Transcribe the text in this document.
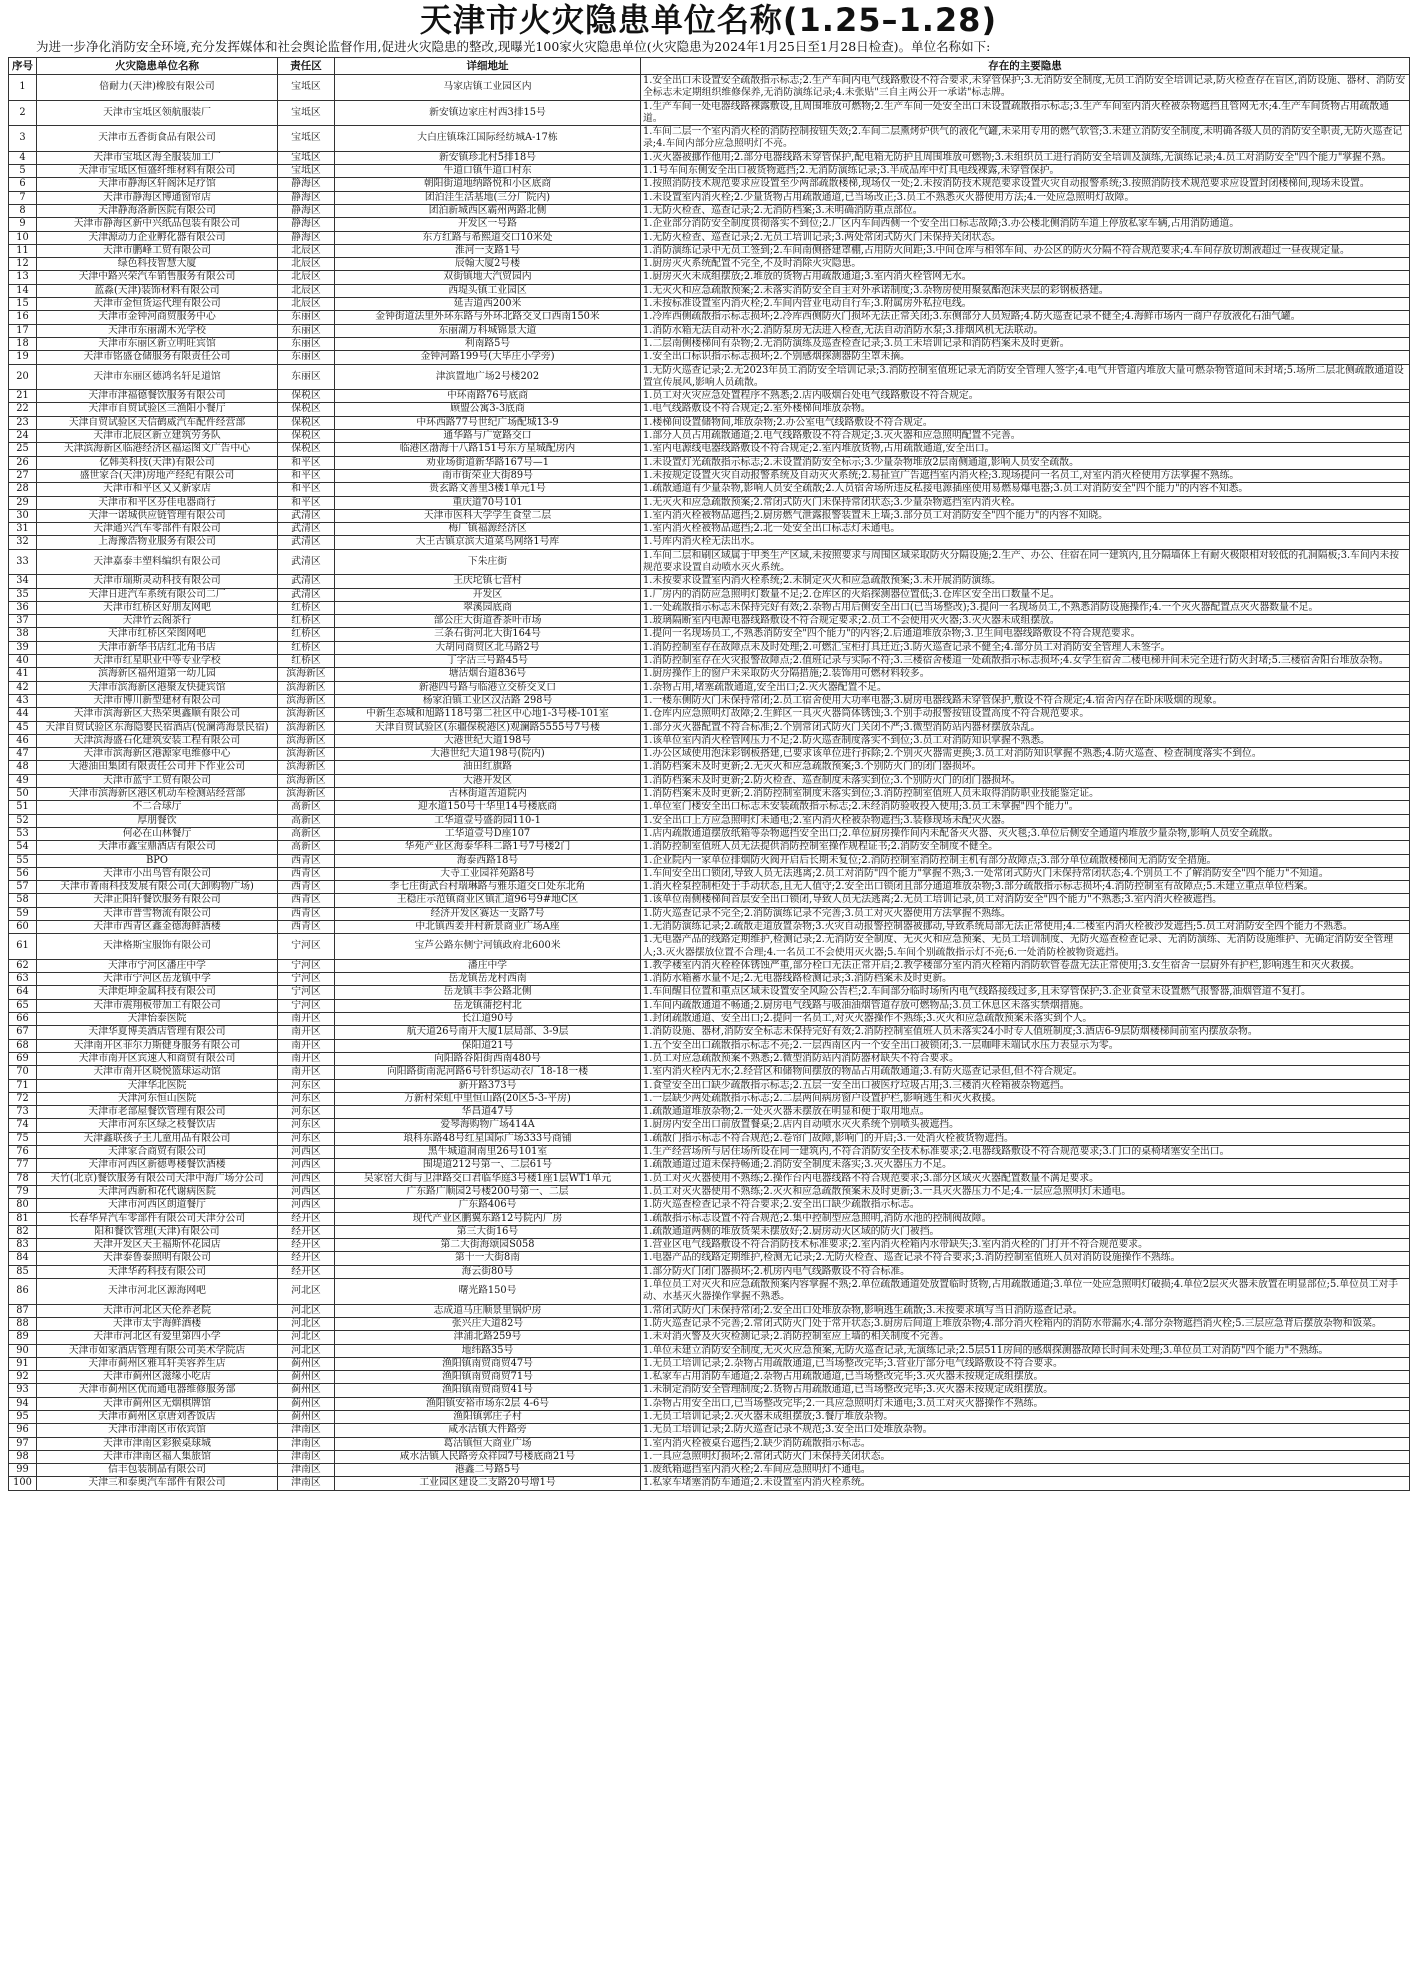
天津市火灾隐患单位名称(1.25–1.28)
为进一步净化消防安全环境,充分发挥媒体和社会舆论监督作用,促进火灾隐患的整改,现曝光100家火灾隐患单位(火灾隐患为2024年1月25日至1月28日检查)。单位名称如下:
序号	火灾隐患单位名称	责任区	详细地址	存在的主要隐患
1	倍耐力(天津)橡胶有限公司	宝坻区	马家店镇工业园区内	1.安全出口未设置安全疏散指示标志;2.生产车间内电气线路敷设不符合要求,未穿管保护;3.无消防安全制度,无员工消防安全培训记录,防火检查存在盲区,消防设施、器材、消防安全标志未定期组织维修保养,无消防演练记录;4.未张贴"三自主两公开一承诺"标志牌。
2	天津市宝坻区领航服装厂	宝坻区	新安镇边家庄村西3排15号	1.生产车间一处电器线路裸露敷设,且周围堆放可燃物;2.生产车间一处安全出口未设置疏散指示标志;3.生产车间室内消火栓被杂物遮挡且管网无水;4.生产车间货物占用疏散通道。
3	天津市五香街食品有限公司	宝坻区	大白庄镇珠江国际经纺城A-17栋	1.车间二层一个室内消火栓的消防控制按钮失效;2.车间二层熏烤炉供气的液化气罐,未采用专用的燃气软管;3.未建立消防安全制度,未明确各级人员的消防安全职责,无防火巡查记录;4.车间内部分应急照明灯不亮。
4	天津市宝坻区海全服装加工厂	宝坻区	新安镇珍北村5排18号	1.灭火器被挪作他用;2.部分电器线路未穿管保护,配电箱无防护且周围堆放可燃物;3.未组织员工进行消防安全培训及演练,无演练记录;4.员工对消防安全"四个能力"掌握不熟。
5	天津市宝坻区恒盛纤维材料有限公司	宝坻区	牛道口镇牛道口村东	1.1号车间东侧安全出口被货物遮挡;2.无消防演练记录;3.半成品库中灯具电线裸露,未穿管保护。
6	天津市静海区轩阁沐足疗馆	静海区	朝阳街道地纳路悦和小区底商	1.按照消防技术规范要求应设置至少两部疏散楼梯,现场仅一处;2.未按消防技术规范要求设置火灾自动报警系统;3.按照消防技术规范要求应设置封闭楼梯间,现场未设置。
7	天津市静海区博通窗帘店	静海区	团泊洼生活基地(三分厂院内)	1.未设置室内消火栓;2.少量货物占用疏散通道,已当场改正;3.员工不熟悉灭火器使用方法;4.一处应急照明灯故障。
8	天津静海洛新医院有限公司	静海区	团泊新城西区霸州两路北侧	1.无防火检查、巡查记录;2.无消防档案;3.未明确消防重点部位。
9	天津市静海区新中兴纸品包装有限公司	静海区	开发区一号路	1.企业部分消防安全制度贯彻落实不到位;2.厂区内车间西侧一个安全出口标志故障;3.办公楼北侧消防车道上停放私家车辆,占用消防通道。
10	天津源动力企业孵化器有限公司	静海区	东方红路与希熙道交口10米处	1.无防火检查、巡查记录;2.无员工培训记录;3.两处常闭式防火门未保持关闭状态。
11	天津市鹏峰工贸有限公司	北辰区	淮河一支路1号	1.消防演练记录中无员工签到;2.车间南侧搭建罩棚,占用防火间距;3.中间仓库与相邻车间、办公区的防火分隔不符合规范要求;4.车间存放切割液超过一昼夜规定量。
12	绿色科技智慧大厦	北辰区	辰翰大厦2号楼	1.厨房灭火系统配置不完全,不及时消除火灾隐患。
13	天津中路兴荣汽车销售服务有限公司	北辰区	双街镇地大汽贸园内	1.厨房灭火未成组摆放;2.堆放的货物占用疏散通道;3.室内消火栓管网无水。
14	蓝淼(天津)装饰材料有限公司	北辰区	西堤头镇工业园区	1.无灭火和应急疏散预案;2.未落实消防安全自主对外承诺制度;3.杂物房使用聚氨酯泡沫夹层的彩钢板搭建。
15	天津市金恒货运代理有限公司	北辰区	延吉道西200米	1.未按标准设置室内消火栓;2.车间内营业电动自行车;3.附属房外私拉电线。
16	天津市金钟河商贸服务中心	东丽区	金钟街道法里外环东路与外环北路交叉口西南150米	1.冷库西侧疏散指示标志损坏;2.冷库西侧防火门损坏无法正常关闭;3.东侧部分人员短路;4.防火巡查记录不健全;4.海鲜市场内一商户存放液化石油气罐。
17	天津市东丽湖木光学校	东丽区	东丽湖万科城锦景大道	1.消防水箱无法自动补水;2.消防泵房无法进入检查,无法自动消防水泵;3.排烟风机无法联动。
18	天津市东丽区新立明旺宾馆	东丽区	利南路5号	1.二层南侧楼梯间有杂物;2.无消防演练及巡查检查记录;3.员工未培训记录和消防档案未及时更新。
19	天津市铭盛仓储服务有限责任公司	东丽区	金钟河路199号(大毕庄小学旁)	1.安全出口标识指示标志损坏;2.个别感烟探测器防尘罩未摘。
20	天津市东丽区德鸿名轩足道馆	东丽区	津滨置地广场2号楼202	1.无防火巡查记录;2.无2023年员工消防安全培训记录;3.消防控制室值班记录无消防安全管理人签字;4.电气井管道内堆放大量可燃杂物管道间未封堵;5.场所二层北侧疏散通道设置宣传展风,影响人员疏散。
21	天津市津福德餐饮服务有限公司	保税区	中环南路76号底商	1.员工对火灾应急处置程序不熟悉;2.店内吸烟台处电气线路敷设不符合规定。
22	天津市自贸试验区三渔阳小餐厅	保税区	顾盟公寓3-3底商	1.电气线路敷设不符合规定;2.室外楼梯间堆放杂物。
23	天津自贸试验区天信鹤威汽车配件经营部	保税区	中环西路77号世纪广场配城13-9	1.楼梯间设置储物间,堆放杂物;2.办公室电气线路敷设不符合规定。
24	天津市北辰区新立建筑劳务队	保税区	通华路与广宽路交口	1.部分人员占用疏散通道;2.电气线路敷设不符合规定;3.灭火器和应急照明配置不完善。
25	天津滨海新区临港经济区福运图文广告中心	保税区	临港区渤海十八路151号东方星城配房内	1.室内电源线电器线路敷设不符合规定;2.室内堆放货物,占用疏散通道,安全出口。
26	亿韩美科技(天津)有限公司	和平区	劝业场街道新华路167号—1	1.未设置灯光疏散指示标志;2.未设置消防安全标示;3.少量杂物堆放2层南侧通道,影响人员安全疏散。
27	盛世家合(天津)房地产经纪有限公司	和平区	南市街荣业大街89号	1.未按规定设置火灾自动报警系统及自动灭火系统;2.易扯宣广告遮挡室内消火栓;3.现场提问一名员工,对室内消火栓使用方法掌握不熟练。
28	天津市和平区又又新家店	和平区	贵玄路文善里3楼1单元1号	1.疏散通道有少量杂物,影响人员安全疏散;2.人员宿舍场所违反私接电源插座使用易燃易爆电器;3.员工对消防安全"四个能力"的内容不知悉。
29	天津市和平区芬佳电器商行	和平区	重庆道70号101	1.无灭火和应急疏散预案;2.常闭式防火门未保持常闭状态;3.少量杂物遮挡室内消火栓。
30	天津一诺城供应链管理有限公司	武清区	天津市医科大学学生食堂二层	1.室内消火栓被物品遮挡;2.厨房燃气泄露报警装置未上墙;3.部分员工对消防安全"四个能力"的内容不知晓。
31	天津通兴汽车零部件有限公司	武清区	梅厂镇福源经济区	1.室内消火栓被物品遮挡;2.北一处安全出口标志灯未通电。
32	上海豫浩物业服务有限公司	武清区	大王古镇京滨大道菜鸟网络1号库	1.号库内消火栓无法出水。
33	天津嘉泰丰塑料编织有限公司	武清区	下朱庄街	1.车间二层和刷区域属于甲类生产区域,未按照要求与周围区域采取防火分隔设施;2.生产、办公、住宿在同一建筑内,且分隔墙体上有耐火极限相对较低的孔洞隔板;3.车间内未按规范要求设置自动喷水灭火系统。
34	天津市瑞斯灵动科技有限公司	武清区	王庆坨镇七营村	1.未按要求设置室内消火栓系统;2.未制定灭火和应急疏散预案;3.未开展消防演练。
35	天津日进汽车系统有限公司二厂	武清区	开发区	1.厂房内的消防应急照明灯数量不足;2.仓库区的火焰探测器位置低;3.仓库区安全出口数量不足。
36	天津市红桥区好朋友网吧	红桥区	翠溪园底商	1.一处疏散指示标志未保持完好有效;2.杂物占用后侧安全出口(已当场整改);3.提问一名现场员工,不熟悉消防设施操作;4.一个灭火器配置点灭火器数量不足。
37	天津竹云阁茶行	红桥区	部公庄大街道香茶叶市场	1.玻璃隔断室内电源电器线路敷设不符合规定要求;2.员工不会使用灭火器;3.灭火器未成组摆放。
38	天津市红桥区荣图网吧	红桥区	三条石街河北大街164号	1.提问一名现场员工,不熟悉消防安全"四个能力"的内容;2.后通道堆放杂物;3.卫生间电器线路敷设不符合规范要求。
39	天津市新华书店红北角书店	红桥区	大胡同商贸区北马路2号	1.消防控制室存在故障点未及时处理;2.可燃汇宝柜打具迁近;3.防火巡查记录不健全;4.部分员工对消防安全管理人未签字。
40	天津市红星职业中等专业学校	红桥区	丁字沽三号路45号	1.消防控制室存在火灾报警故障点;2.值班记录与实际不符;3.三楼宿舍楼道一处疏散指示标志损坏;4.女学生宿舍二楼电梯井间未完全进行防火封堵;5.三楼宿舍阳台堆放杂物。
41	滨海新区福州道第一幼儿园	滨海新区	塘沽烟台道836号	1.厨房操作上的窗户未采取防火分隔措施;2.装饰用可燃材料较多。
42	天津市滨海新区港聚友快捷宾馆	滨海新区	新港四号路与临港立交桥交叉口	1.杂物占用,堵塞疏散通道,安全出口;2.灭火器配置不足。
43	天津市博川新型建材有限公司	滨海新区	杨家泊镇工业区汉沽路 298号	1.一楼东侧防火门未保持常闭;2.员工宿舍使用大功率电器;3.厨房电器线路未穿管保护,敷设不符合规定;4.宿舍内存在卧床吸烟的现象。
44	天津市滨海新区大热荣奥鑫顺有限公司	滨海新区	中新生态城和旭路118号第二社区中心地1-3号楼-101室	1.仓库内应急照明灯故障;2.生鲜区一具灭火器筒体锈蚀;3.个别手动报警按钮设置高度不符合规范要求。
45	天津自贸试验区东海隐婴民宿酒店(悦澜湾海景民宿)	滨海新区	天津自贸试验区(东疆保税港区)观澜路5555号7号楼	1.部分灭火器配置不符合标准;2.个别常闭式防火门关闭不严;3.微型消防站内器材摆放杂乱。
46	天津滨海盛石化建筑安装工程有限公司	滨海新区	大港世纪大道198号	1.该单位室内消火栓管网压力不足;2.防火巡查制度落实不到位;3.员工对消防知识掌握不熟悉。
47	天津市滨海新区港源家电维修中心	滨海新区	大港世纪大道198号(院内)	1.办公区域使用泡沫彩钢板搭建,已要求该单位进行拆除;2.个别灭火器需更换;3.员工对消防知识掌握不熟悉;4.防火巡查、检查制度落实不到位。
48	大港油田集团有限责任公司井下作业公司	滨海新区	油田红旗路	1.消防档案未及时更新;2.无灭火和应急疏散预案;3.个别防火门的闭门器损坏。
49	天津市蓝宇工贸有限公司	滨海新区	大港开发区	1.消防档案未及时更新;2.防火检查、巡查制度未落实到位;3.个别防火门的闭门器损坏。
50	天津市滨海新区港区机动车检测站经营部	滨海新区	古林街道苦道院内	1.消防档案未及时更新;2.消防控制室制度未落实到位;3.消防控制室值班人员未取得消防职业技能鉴定证。
51	不二合球厅	高新区	迎水道150号十华里14号楼底商	1.单位室门楼安全出口标志未安装疏散指示标志;2.未经消防验收投入使用;3.员工未掌握"四个能力"。
52	厚朋餐饮	高新区	工华道壹号盛韵园110-1	1.安全出口上方应急照明灯未通电;2.室内消火栓被杂物遮挡;3.装修现场未配灭火器。
53	何必在山林餐厅	高新区	工华道壹号D座107	1.店内疏散通道摆放纸箱等杂物遮挡安全出口;2.单位厨房操作间内未配备灭火器、灭火毯;3.单位后侧安全通道内堆放少量杂物,影响人员安全疏散。
54	天津市鑫宝鼎酒店有限公司	高新区	华苑产业区海泰华科二路1号7号楼2门	1.消防控制室值班人员无法提供消防控制室操作规程证书;2.消防安全制度不健全。
55	BPO	西青区	海泰西路18号	1.企业院内一家单位排烟防火阀开启后长期未复位;2.消防控制室消防控制主机有部分故障点;3.部分单位疏散楼梯间无消防安全措施。
56	天津市小出鸟管有限公司	西青区	大寺工业园祥苑路8号	1.车间安全出口锁闭,导致人员无法逃离;2.员工对消防"四个能力"掌握不熟;3.一处常闭式防火门未保持常闭状态;4.个别员工不了解消防安全"四个能力"不知道。
57	天津市菁雨科技发展有限公司(大卸购物广场)	西青区	李七庄街武台村瑞琳路与雅乐道交口处东北角	1.消火栓泵控制柜处于手动状态,且无人值守;2.安全出口锁闭且部分通道堆放杂物;3.部分疏散指示标志损坏;4.消防控制室有故障点;5.未建立重点单位档案。
58	天津正阳轩餐饮服务有限公司	西青区	王稳庄示范镇商业区镇汇道96号9#地C区	1.该单位南侧楼梯间首层安全出口锁闭,导致人员无法逃离;2.无员工培训记录,员工对消防安全"四个能力"不熟悉;3.室内消火栓被遮挡。
59	天津市普雪物流有限公司	西青区	经济开发区赛达一支路7号	1.防火巡查记录不完全;2.消防演练记录不完善;3.员工对灭火器使用方法掌握不熟练。
60	天津市西青区鑫金德海鲜酒楼	西青区	中北镇西姜井村新景商业广场A座	1.无消防演练记录;2.疏散走道放置杂物;3.火灾自动报警控制器被挪动,导致系统局部无法正常使用;4.二楼室内消火栓被沙发遮挡;5.员工对消防安全四个能力不熟悉。
61	天津格斯宝服饰有限公司	宁河区	宝芦公路东侧宁河镇政府北600米	1.无电器产品的线路定期维护,检测记录;2.无消防安全制度、无灭火和应急预案、无员工培训制度、无防火巡查检查记录、无消防演练、无消防设施维护、无确定消防安全管理人;3.灭火器摆放位置不合理;4.一名员工不会使用灭火器;5.车间个别疏散指示灯不亮;6.一处消防栓被物资遮挡。
62	天津市宁河区潘庄中学	宁河区	潘庄中学	1.教学楼室内消火栓栓体锈蚀严重,部分栓口无法正常开启;2.教学楼部分室内消火栓箱内消防软管卷盘无法正常使用;3.女生宿舍一层厨外有护栏,影响逃生和灭火救援。
63	天津市宁河区岳龙镇中学	宁河区	岳龙镇岳龙村西南	1.消防水箱蓄水量不足;2.无电器线路检测记录;3.消防档案未及时更新。
64	天津炬坤金属科技有限公司	宁河区	岳龙镇丰李公路北侧	1.车间醒目位置和重点区域未设置安全风险公告栏;2.车间部分临时场所内电气线路接线过多,且未穿管保护;3.企业食堂未设置燃气报警器,油烟管道不复打。
65	天津市震翔板带加工有限公司	宁河区	岳龙镇蒲挖村北	1.车间内疏散通道不畅通;2.厨房电气线路与吸油油烟管道存放可燃物品;3.员工休息区未落实禁烟措施。
66	天津怡泰医院	南开区	长江道90号	1.封闭疏散通道、安全出口;2.提问一名员工,对灭火器操作不熟练;3.灭火和应急疏散预案未落实到个人。
67	天津华夏博美酒店管理有限公司	南开区	航天道26号南开大厦1层局部、3-9层	1.消防设施、器材,消防安全标志未保持完好有效;2.消防控制室值班人员未落实24小时专人值班制度;3.酒店6-9层防烟楼梯间前室内摆放杂物。
68	天津南开区菲尔力斯健身服务有限公司	南开区	保阳道21号	1.五个安全出口疏散指示标志不亮;2.一层西南区内一个安全出口被锁闭;3.一层咖啡未端试水压力表显示为零。
69	天津市南开区宾速人和商贸有限公司	南开区	向阳路谷阳街西南480号	1.员工对应急疏散预案不熟悉;2.微型消防站内消防器材缺失不符合要求。
70	天津市南开区晓悦篮球运动馆	南开区	向阳路街南泥河路6号针织运动衣厂18-18一楼	1.室内消火栓内无水;2.经营区和储物间摆放的物品占用疏散通道;3.有防火巡查记录但,但不符合规定。
71	天津华北医院	河东区	新开路373号	1.食堂安全出口缺少疏散指示标志;2.五层一安全出口被医疗垃圾占用;3.三楼消火栓箱被杂物遮挡。
72	天津河东恒山医院	河东区	万新村荣虹中里恒山路(20区5-3-平房)	1.一层缺少两处疏散指示标志;2.二层两间病房窗户设置护栏,影响逃生和灭火救援。
73	天津市老部屋餐饮管理有限公司	河东区	华昌道47号	1.疏散通道堆放杂物;2.一处灭火器未摆放在明显和便于取用地点。
74	天津市河东区绿之枝餐饮店	河东区	爱琴海购物广场414A	1.厨房内安全出口前放置餐桌;2.店内自动喷水灭火系统个别喷头被遮挡。
75	天津鑫联孩子王儿童用品有限公司	河东区	琅科东路48号红星国际广场333号商铺	1.疏散门指示标志不符合规范;2.卷帘门故障,影响门的开启;3.一处消火栓被货物遮挡。
76	天津家合商贸有限公司	河西区	黑牛城道洞南里26号101室	1.生产经营场所与居住场所设在同一建筑内,不符合消防安全技术标准要求;2.电器线路敷设不符合规范要求;3.门口的桌椅堵塞安全出口。
77	天津市河西区新德粤楼餐饮酒楼	河西区	围堤道212号第一、二层61号	1.疏散通道过道未保持畅通;2.消防安全制度未落实;3.灭火器压力不足。
78	天竹(北京)餐饮服务有限公司天津中海广场分公司	河西区	吴家窑大街与卫津路交口君临华庭3号楼1座1层WT1单元	1.员工对灭火器使用不熟练;2.操作台内电器线路不符合规范要求;3.部分区域灭火器配置数量不满足要求。
79	天津河西新和花代谢病医院	河西区	广东路广顺园2号楼200号第一、二层	1.员工对灭火器使用不熟练;2.灭火和应急疏散预案未及时更新;3.一具灭火器压力不足;4.一层应急照明灯未通电。
80	天津市河西区朗道餐厅	河西区	广东路406号	1.防火巡查检查记录不符合要求;2.安全出口缺少疏散指示标志。
81	长春华昇汽车零部件有限公司天津分公司	经开区	现代产业区鹏翼东路12号院内厂房	1.疏散指示标志设置不符合规范;2.集中控制型应急照明,消防水池的控制阀故障。
82	阳和餐饮管理(天津)有限公司	经开区	第三大街16号	1.疏散通道两侧的堆放货架未摆放好;2.厨房动火区域的防火门被挡。
83	天津开发区天王福斯怀花园店	经开区	第二大街海颂园S058	1.营业区电气线路敷设不符合消防技术标准要求;2.室内消火栓箱内水带缺失;3.室内消火栓的门打开不符合规范要求。
84	天津泰鲁泰照明有限公司	经开区	第十一大街8南	1.电器产品的线路定期维护,检测无记录;2.无防火检查、巡查记录不符合要求;3.消防控制室值班人员对消防设施操作不熟练。
85	天津华药科技有限公司	经开区	海云街80号	1.部分防火门闭门器损坏;2.机房内电气线路敷设不符合标准。
86	天津市河北区源海网吧	河北区	曙光路150号	1.单位员工对灭火和应急疏散预案内容掌握不熟;2.单位疏散通道处放置临时货物,占用疏散通道;3.单位一处应急照明灯破损;4.单位2层灭火器未放置在明显部位;5.单位员工对手动、水基灭火器操作掌握不熟悉。
87	天津市河北区天伦养老院	河北区	志成道马庄顺景里锅炉房	1.常闭式防火门未保持常闭;2.安全出口处堆放杂物,影响逃生疏散;3.未按要求填写当日消防巡查记录。
88	天津市太宇海鲜酒楼	河北区	张兴庄大道82号	1.防火巡查记录不完善;2.常闭式防火门处于常开状态;3.厨房后间道上堆放杂物;4.部分消火栓箱内的消防水带漏水;4.部分杂物遮挡消火栓;5.三层应急背后摆放杂物和饭菜。
89	天津市河北区有爱里第四小学	河北区	津浦北路259号	1.未对消火警及火灾检测记录;2.消防控制室应上墙的相关制度不完善。
90	天津市如家酒店管理有限公司美术学院店	河北区	地纬路35号	1.单位未建立消防安全制度,无灭火应急预案,无防火巡查记录,无演练记录;2.5层511房间的感烟探测器故障长时间未处理;3.单位员工对消防"四个能力"不熟练。
91	天津市蓟州区雅耳轩美容养生店	蓟州区	渔阳镇南贸商贸47号	1.无员工培训记录;2.杂物占用疏散通道,已当场整改完毕;3.营业厅部分电气线路敷设不符合要求。
92	天津市蓟州区滋缘小吃店	蓟州区	渔阳镇南贸商贸71号	1.私家车占用消防车通道;2.杂物占用疏散通道,已当场整改完毕;3.灭火器未按规定成组摆放。
93	天津市蓟州区优而通电器维修服务部	蓟州区	渔阳镇南贸商贸41号	1.未制定消防安全管理制度;2.货物占用疏散通道,已当场整改完毕;3.灭火器未按规定成组摆放。
94	天津市蓟州区无烟棋牌馆	蓟州区	渔阳镇安裕市场东2层 4-6号	1.杂物占用安全出口,已当场整改完毕;2.一具应急照明灯未通电;3.员工对灭火器操作不熟练。
95	天津市蓟州区京唐刘香饭店	蓟州区	渔阳镇郭庄子村	1.无员工培训记录;2.灭火器未成组摆放;3.餐厅堆放杂物。
96	天津市津南区市依宾馆	津南区	咸水沽镇大件路旁	1.无员工培训记录;2.防火巡查记录不规范;3.安全出口处堆放杂物。
97	天津市津南区彩猴桌球城	津南区	葛沽镇恒大商业广场	1.室内消火栓被桌台遮挡;2.缺少消防疏散指示标志。
98	天津市津南区福人集旅馆	津南区	咸水沽镇人民路旁众祥园7号楼底商21号	1.一具应急照明灯损坏;2.常闭式防火门未保持关闭状态。
99	信丰包装制品有限公司	津南区	港鑫二号路5号	1.废纸箱遮挡室内消火栓;2.车间应急照明灯不通电。
100	天津三和泰奥汽车部件有限公司	津南区	工业园区建设二支路20号增1号	1.私家车堵塞消防车通道;2.未设置室内消火栓系统。
